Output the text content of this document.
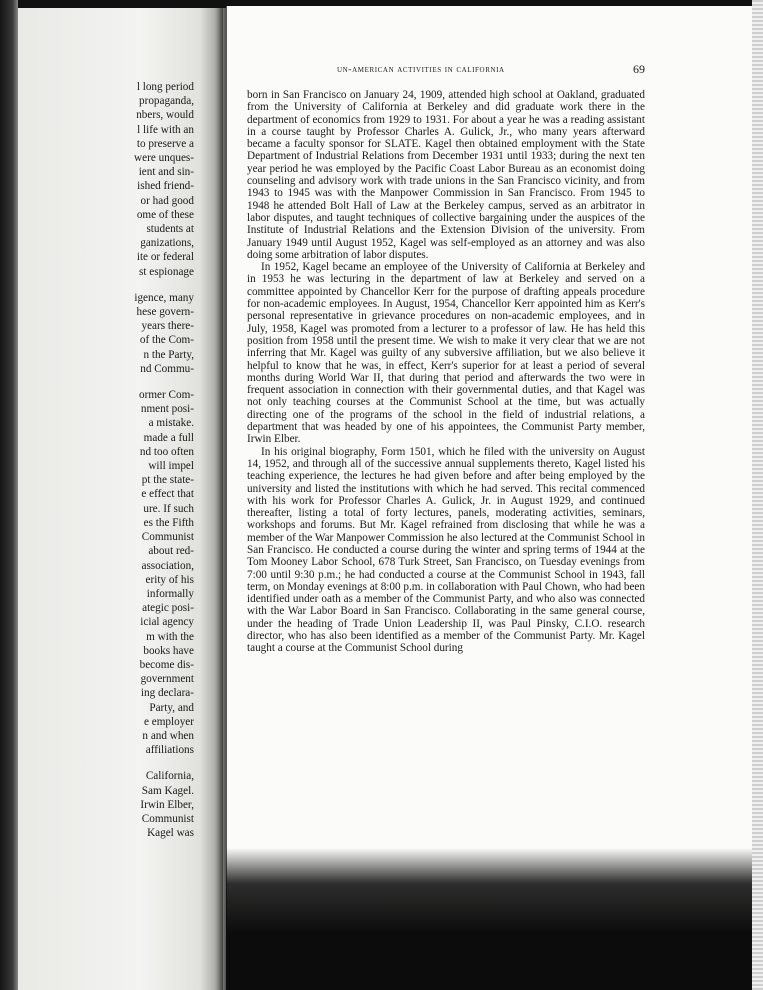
l long period
propaganda,
nbers, would
l life with an
to preserve a
were unques-
ient and sin-
ished friend-
or had good
ome of these
students at
ganizations,
ite or federal
st espionage
igence, many
hese govern-
years there-
of the Com-
n the Party,
nd Commu-
ormer Com-
nment posi-
a mistake.
made a full
nd too often
will impel
pt the state-
e effect that
ure. If such
es the Fifth
Communist
about red-
association,
erity of his
informally
ategic posi-
icial agency
m with the
books have
become dis-
government
ing declara-
Party, and
e employer
n and when
affiliations
California,
Sam Kagel.
Irwin Elber,
Communist
Kagel was
un-american activities in california	69

born in San Francisco on January 24, 1909, attended high school at Oakland, graduated from the University of California at Berkeley and did graduate work there in the department of economics from 1929 to 1931. For about a year he was a reading assistant in a course taught by Professor Charles A. Gulick, Jr., who many years afterward became a faculty sponsor for SLATE. Kagel then obtained employment with the State Department of Industrial Relations from December 1931 until 1933; during the next ten year period he was employed by the Pacific Coast Labor Bureau as an economist doing counseling and advisory work with trade unions in the San Francisco vicinity, and from 1943 to 1945 was with the Manpower Commission in San Francisco. From 1945 to 1948 he attended Bolt Hall of Law at the Berkeley campus, served as an arbitrator in labor disputes, and taught techniques of collective bargaining under the auspices of the Institute of Industrial Relations and the Extension Division of the university. From January 1949 until August 1952, Kagel was self-employed as an attorney and was also doing some arbitration of labor disputes.

In 1952, Kagel became an employee of the University of California at Berkeley and in 1953 he was lecturing in the department of law at Berkeley and served on a committee appointed by Chancellor Kerr for the purpose of drafting appeals procedure for non-academic employees. In August, 1954, Chancellor Kerr appointed him as Kerr's personal representative in grievance procedures on non-academic employees, and in July, 1958, Kagel was promoted from a lecturer to a professor of law. He has held this position from 1958 until the present time. We wish to make it very clear that we are not inferring that Mr. Kagel was guilty of any subversive affiliation, but we also believe it helpful to know that he was, in effect, Kerr's superior for at least a period of several months during World War II, that during that period and afterwards the two were in frequent association in connection with their governmental duties, and that Kagel was not only teaching courses at the Communist School at the time, but was actually directing one of the programs of the school in the field of industrial relations, a department that was headed by one of his appointees, the Communist Party member, Irwin Elber.

In his original biography, Form 1501, which he filed with the university on August 14, 1952, and through all of the successive annual supplements thereto, Kagel listed his teaching experience, the lectures he had given before and after being employed by the university and listed the institutions with which he had served. This recital commenced with his work for Professor Charles A. Gulick, Jr. in August 1929, and continued thereafter, listing a total of forty lectures, panels, moderating activities, seminars, workshops and forums. But Mr. Kagel refrained from disclosing that while he was a member of the War Manpower Commission he also lectured at the Communist School in San Francisco. He conducted a course during the winter and spring terms of 1944 at the Tom Mooney Labor School, 678 Turk Street, San Francisco, on Tuesday evenings from 7:00 until 9:30 p.m.; he had conducted a course at the Communist School in 1943, fall term, on Monday evenings at 8:00 p.m. in collaboration with Paul Chown, who had been identified under oath as a member of the Communist Party, and who also was connected with the War Labor Board in San Francisco. Collaborating in the same general course, under the heading of Trade Union Leadership II, was Paul Pinsky, C.I.O. research director, who has also been identified as a member of the Communist Party. Mr. Kagel taught a course at the Communist School during
